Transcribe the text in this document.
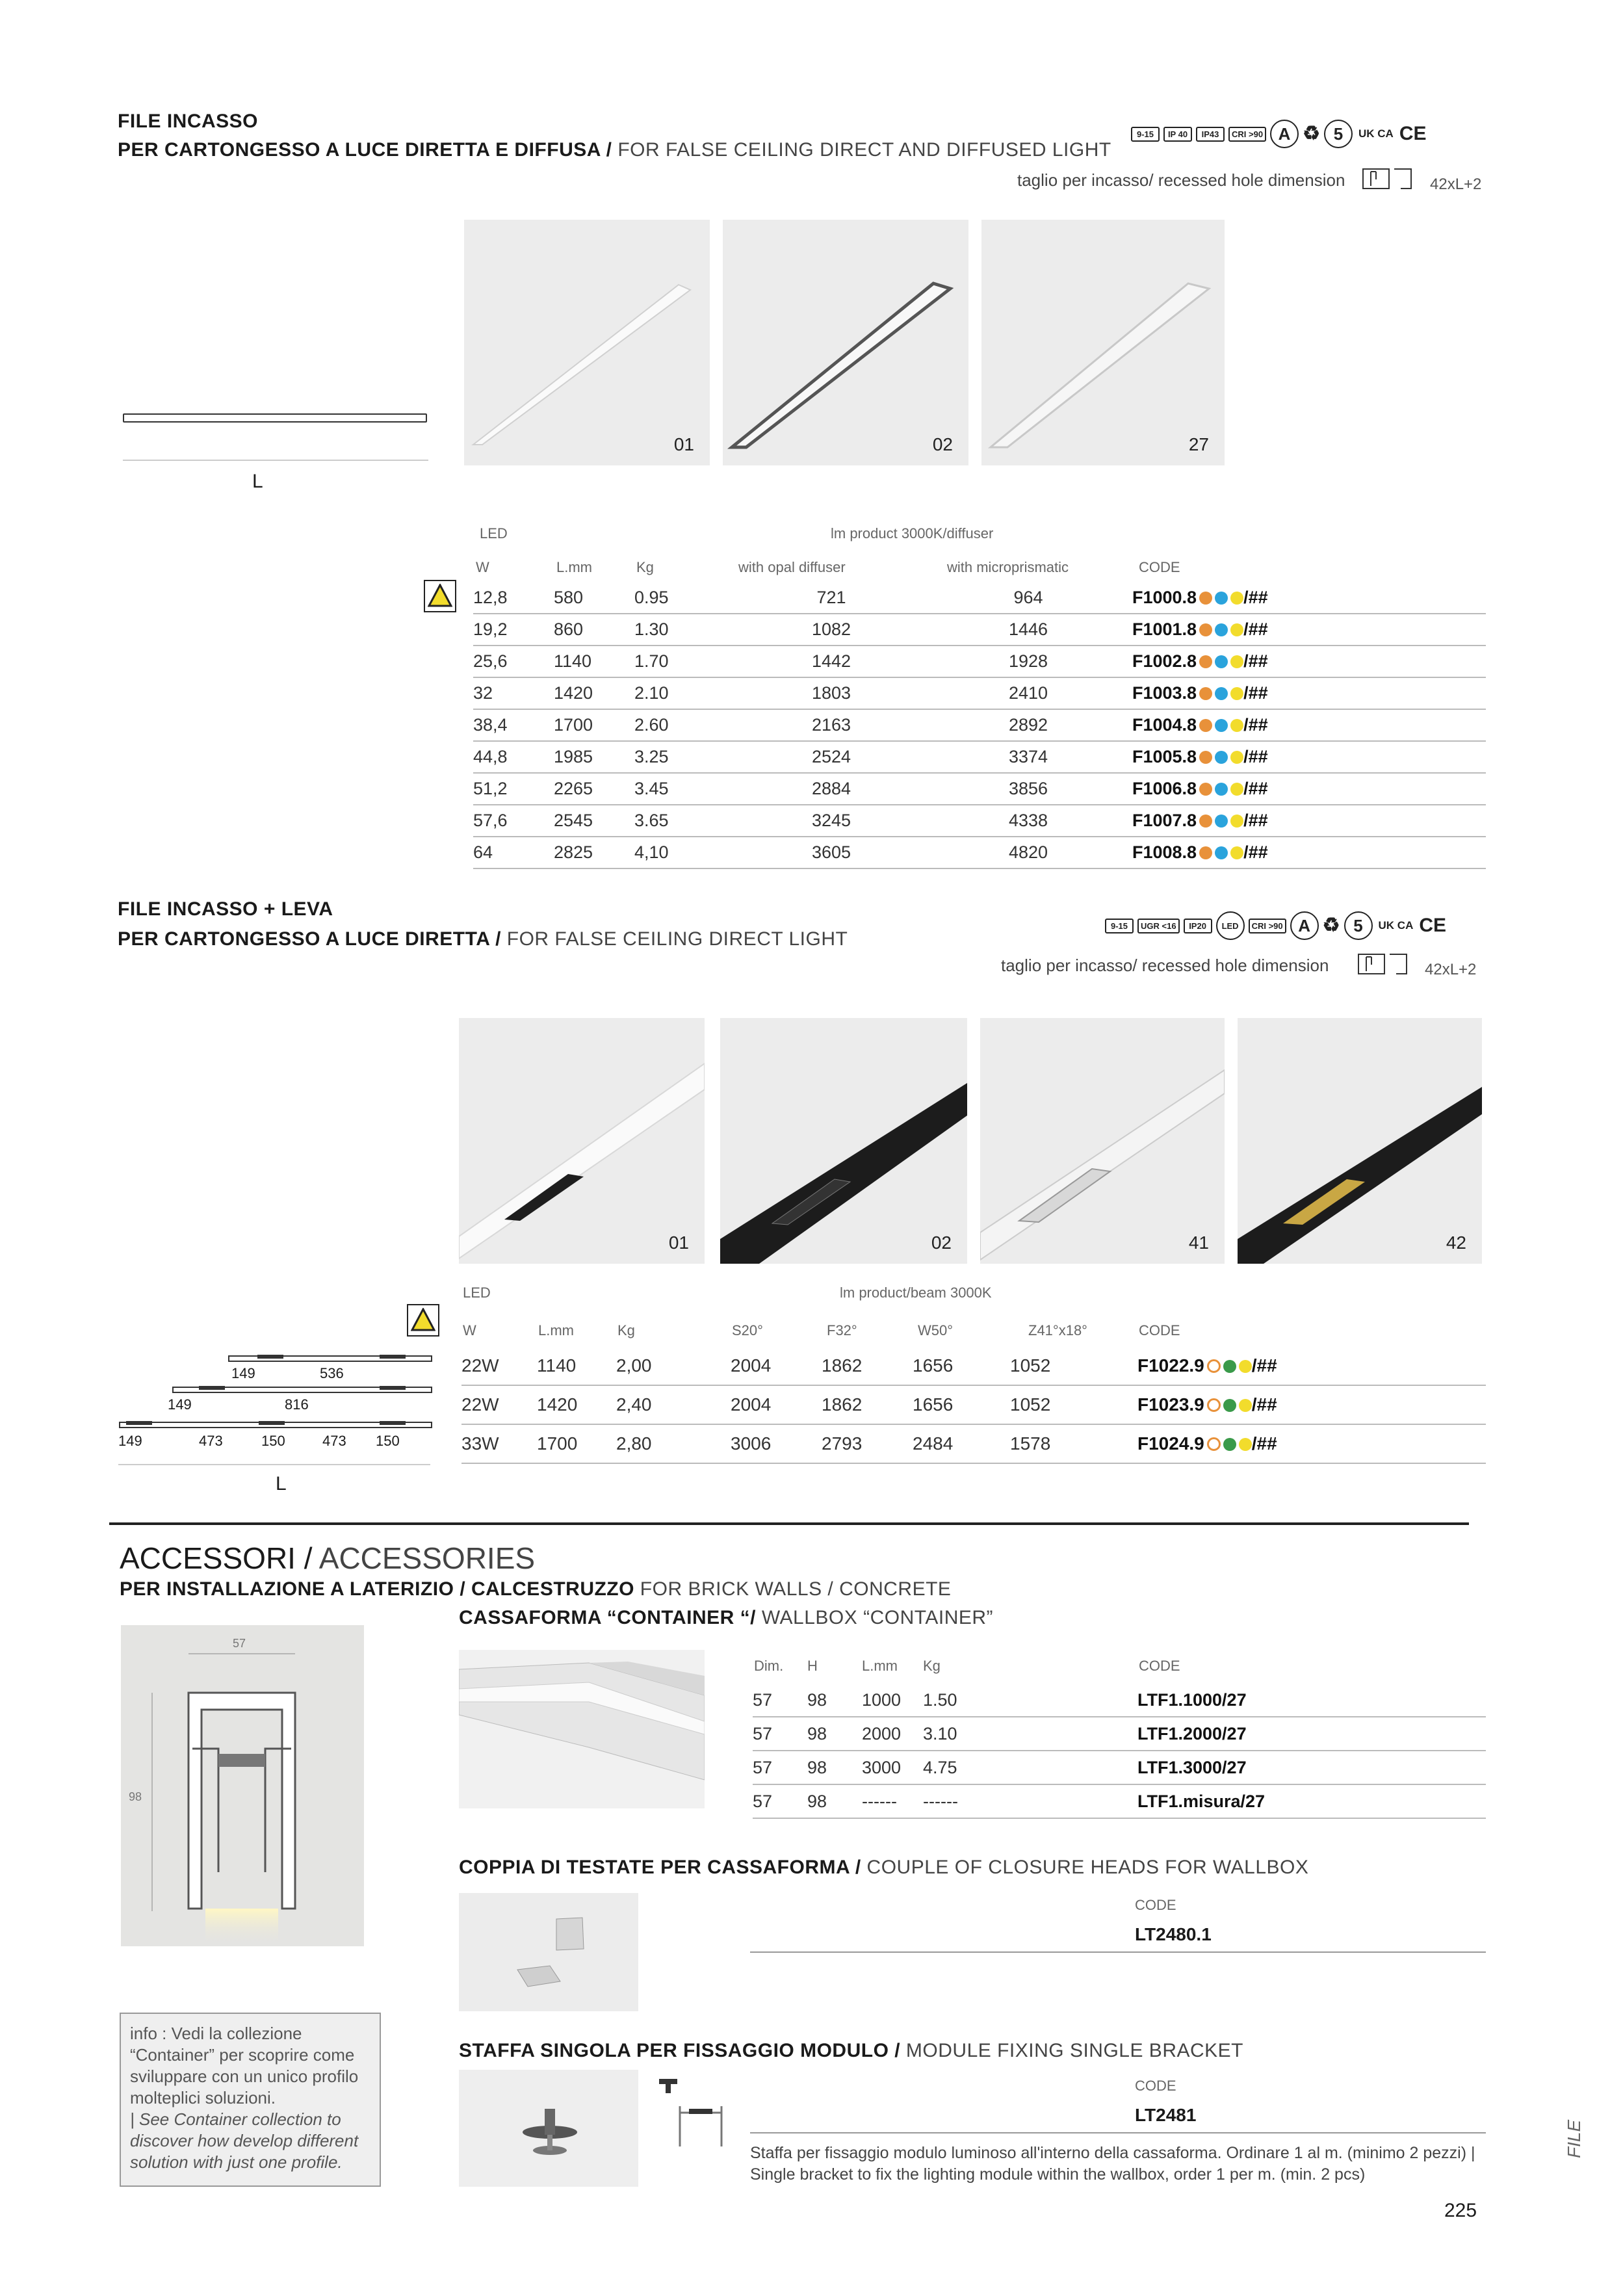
FILE INCASSO
PER CARTONGESSO A LUCE DIRETTA E DIFFUSA / FOR FALSE CEILING DIRECT AND DIFFUSED LIGHT
9-15	IP 40	IP43	CRI >90 A ♻ 5	UK CA CE
taglio per incasso/ recessed hole dimension	42xL+2
L
01	02	27
LED	lm product 3000K/diffuser
W	L.mm	Kg	with opal diffuser	with microprismatic	CODE
12,8	580	0.95	721	964	F1000.8 /##
19,2	860	1.30	1082	1446	F1001.8 /##
25,6	1140	1.70	1442	1928	F1002.8 /##
32	1420	2.10	1803	2410	F1003.8 /##
38,4	1700	2.60	2163	2892	F1004.8 /##
44,8	1985	3.25	2524	3374	F1005.8 /##
51,2	2265	3.45	2884	3856	F1006.8 /##
57,6	2545	3.65	3245	4338	F1007.8 /##
64	2825	4,10	3605	4820	F1008.8 /##
FILE INCASSO + LEVA
PER CARTONGESSO A LUCE DIRETTA / FOR FALSE CEILING DIRECT LIGHT
9-15	UGR <16	IP20	LED	CRI >90 A ♻ 5	UK CA CE
taglio per incasso/ recessed hole dimension	42xL+2
01	02	41	42
LED	lm product/beam 3000K
W	L.mm	Kg	S20°	F32°	W50°	Z41°x18°	CODE
22W	1140	2,00	2004	1862	1656	1052	F1022.9 /##
22W	1420	2,40	2004	1862	1656	1052	F1023.9 /##
33W	1700	2,80	3006	2793	2484	1578	F1024.9 /##
149	536
149	816
149	473	150	473 150
L
ACCESSORI / ACCESSORIES
PER INSTALLAZIONE A LATERIZIO / CALCESTRUZZO FOR BRICK WALLS / CONCRETE
57
98
CASSAFORMA “CONTAINER “/ WALLBOX “CONTAINER”
Dim. H	L.mm Kg	CODE
57	98	1000	1.50	LTF1.1000/27
57	98	2000	3.10	LTF1.2000/27
57	98	3000	4.75	LTF1.3000/27
57	98	------	------	LTF1.misura/27
COPPIA DI TESTATE PER CASSAFORMA / COUPLE OF CLOSURE HEADS FOR WALLBOX
CODE
LT2480.1
info : Vedi la collezione “Container” per scoprire come sviluppare con un unico profilo molteplici soluzioni.
| See Container collection to discover how develop different solution with just one profile.
STAFFA SINGOLA PER FISSAGGIO MODULO / MODULE FIXING SINGLE BRACKET
CODE
LT2481
Staffa per fissaggio modulo luminoso all'interno della cassaforma. Ordinare 1 al m. (minimo 2 pezzi) | Single bracket to fix the lighting module within the wallbox, order 1 per m. (min. 2 pcs)
225
FILE
